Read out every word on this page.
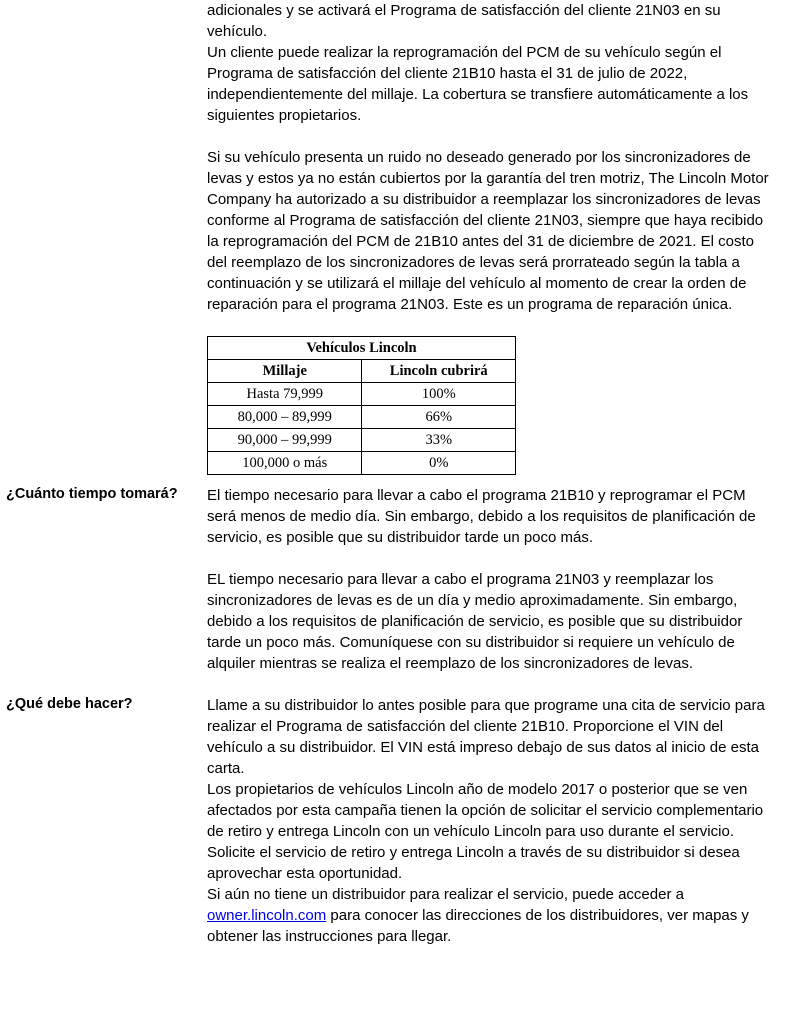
adicionales y se activará el Programa de satisfacción del cliente 21N03 en su vehículo.

Un cliente puede realizar la reprogramación del PCM de su vehículo según el Programa de satisfacción del cliente 21B10 hasta el 31 de julio de 2022, independientemente del millaje. La cobertura se transfiere automáticamente a los siguientes propietarios.

Si su vehículo presenta un ruido no deseado generado por los sincronizadores de levas y estos ya no están cubiertos por la garantía del tren motriz, The Lincoln Motor Company ha autorizado a su distribuidor a reemplazar los sincronizadores de levas conforme al Programa de satisfacción del cliente 21N03, siempre que haya recibido la reprogramación del PCM de 21B10 antes del 31 de diciembre de 2021. El costo del reemplazo de los sincronizadores de levas será prorrateado según la tabla a continuación y se utilizará el millaje del vehículo al momento de crear la orden de reparación para el programa 21N03. Este es un programa de reparación única.

Vehículos Lincoln	
Millaje	Lincoln cubrirá
Hasta 79,999	100%
80,000 – 89,999	66%
90,000 – 99,999	33%
100,000 o más	0%
¿Cuánto tiempo tomará?	El tiempo necesario para llevar a cabo el programa 21B10 y reprogramar el PCM será menos de medio día. Sin embargo, debido a los requisitos de planificación de servicio, es posible que su distribuidor tarde un poco más.

EL tiempo necesario para llevar a cabo el programa 21N03 y reemplazar los sincronizadores de levas es de un día y medio aproximadamente. Sin embargo, debido a los requisitos de planificación de servicio, es posible que su distribuidor tarde un poco más. Comuníquese con su distribuidor si requiere un vehículo de alquiler mientras se realiza el reemplazo de los sincronizadores de levas.

¿Qué debe hacer?	Llame a su distribuidor lo antes posible para que programe una cita de servicio para realizar el Programa de satisfacción del cliente 21B10. Proporcione el VIN del vehículo a su distribuidor. El VIN está impreso debajo de sus datos al inicio de esta carta.

Los propietarios de vehículos Lincoln año de modelo 2017 o posterior que se ven afectados por esta campaña tienen la opción de solicitar el servicio complementario de retiro y entrega Lincoln con un vehículo Lincoln para uso durante el servicio. Solicite el servicio de retiro y entrega Lincoln a través de su distribuidor si desea aprovechar esta oportunidad.

Si aún no tiene un distribuidor para realizar el servicio, puede acceder a owner.lincoln.com para conocer las direcciones de los distribuidores, ver mapas y obtener las instrucciones para llegar.
